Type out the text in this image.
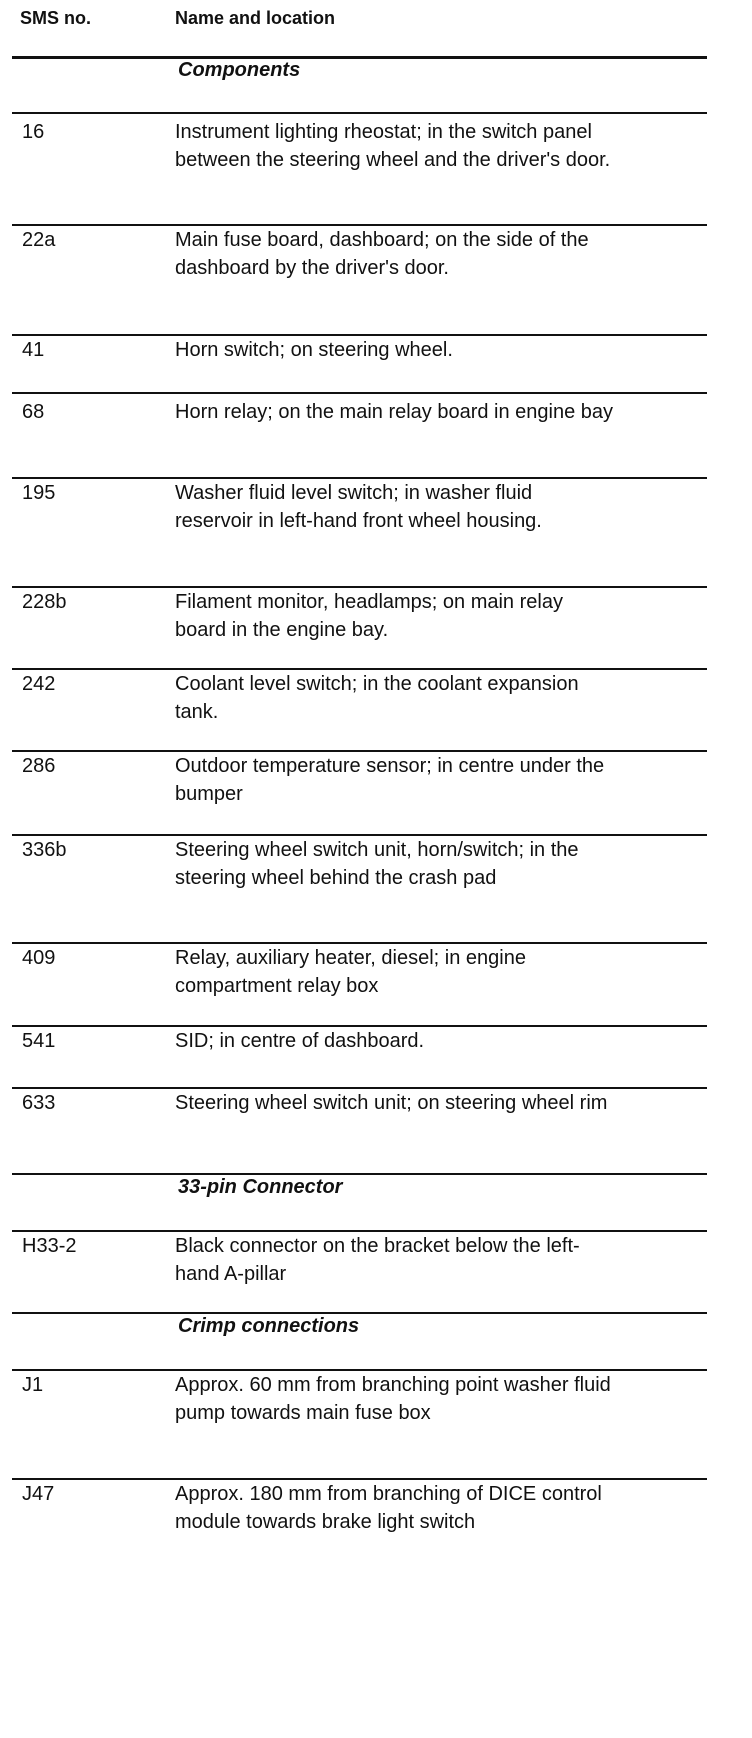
SMS no.	Name and location
Components
16	Instrument lighting rheostat; in the switch panel between the steering wheel and the driver's door.
22a	Main fuse board, dashboard; on the side of the dashboard by the driver's door.
41	Horn switch; on steering wheel.
68	Horn relay; on the main relay board in engine bay
195	Washer fluid level switch; in washer fluid reservoir in left-hand front wheel housing.
228b	Filament monitor, headlamps; on main relay board in the engine bay.
242	Coolant level switch; in the coolant expansion tank.
286	Outdoor temperature sensor; in centre under the bumper
336b	Steering wheel switch unit, horn/switch; in the steering wheel behind the crash pad
409	Relay, auxiliary heater, diesel; in engine compartment relay box
541	SID; in centre of dashboard.
633	Steering wheel switch unit; on steering wheel rim
33-pin Connector
H33-2	Black connector on the bracket below the left-hand A-pillar
Crimp connections
J1	Approx. 60 mm from branching point washer fluid pump towards main fuse box
J47	Approx. 180 mm from branching of DICE control module towards brake light switch
